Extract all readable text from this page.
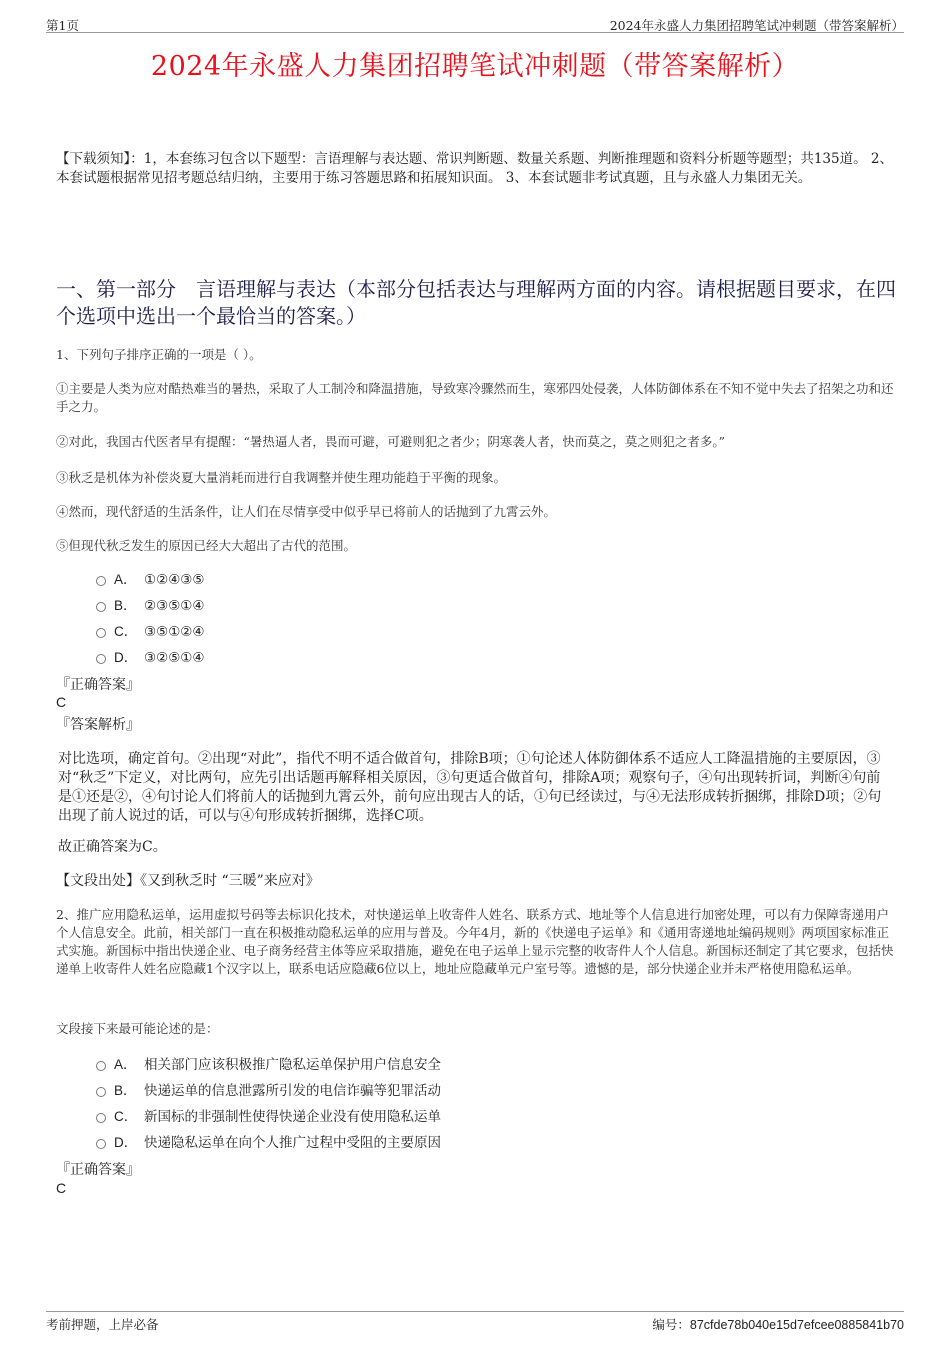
第1页	2024年永盛人力集团招聘笔试冲刺题（带答案解析）
2024年永盛人力集团招聘笔试冲刺题（带答案解析）
【下载须知】：1，本套练习包含以下题型：言语理解与表达题、常识判断题、数量关系题、判断推理题和资料分析题等题型；共135道。 2、本套试题根据常见招考题总结归纳，主要用于练习答题思路和拓展知识面。 3、本套试题非考试真题，且与永盛人力集团无关。
一、第一部分　言语理解与表达（本部分包括表达与理解两方面的内容。请根据题目要求，在四个选项中选出一个最恰当的答案。）
1、下列句子排序正确的一项是（ ）。
①主要是人类为应对酷热难当的暑热，采取了人工制冷和降温措施，导致寒冷骤然而生，寒邪四处侵袭，人体防御体系在不知不觉中失去了招架之功和还手之力。
②对此，我国古代医者早有提醒：“暑热逼人者，畏而可避，可避则犯之者少；阴寒袭人者，快而莫之，莫之则犯之者多。”
③秋乏是机体为补偿炎夏大量消耗而进行自我调整并使生理功能趋于平衡的现象。
④然而，现代舒适的生活条件，让人们在尽情享受中似乎早已将前人的话抛到了九霄云外。
⑤但现代秋乏发生的原因已经大大超出了古代的范围。
A． ①②④③⑤
B． ②③⑤①④
C． ③⑤①②④
D． ③②⑤①④
『正确答案』
C
『答案解析』
对比选项，确定首句。②出现“对此”，指代不明不适合做首句，排除B项；①句论述人体防御体系不适应人工降温措施的主要原因，③对“秋乏”下定义，对比两句，应先引出话题再解释相关原因，③句更适合做首句，排除A项；观察句子，④句出现转折词，判断④句前是①还是②，④句讨论人们将前人的话抛到九霄云外，前句应出现古人的话，①句已经读过，与④无法形成转折捆绑，排除D项；②句出现了前人说过的话，可以与④句形成转折捆绑，选择C项。
故正确答案为C。
【文段出处】《又到秋乏时 “三暖”来应对》
2、推广应用隐私运单，运用虚拟号码等去标识化技术，对快递运单上收寄件人姓名、联系方式、地址等个人信息进行加密处理，可以有力保障寄递用户个人信息安全。此前，相关部门一直在积极推动隐私运单的应用与普及。今年4月，新的《快递电子运单》和《通用寄递地址编码规则》两项国家标准正式实施。新国标中指出快递企业、电子商务经营主体等应采取措施，避免在电子运单上显示完整的收寄件人个人信息。新国标还制定了其它要求，包括快递单上收寄件人姓名应隐藏1个汉字以上，联系电话应隐藏6位以上，地址应隐藏单元户室号等。遗憾的是，部分快递企业并未严格使用隐私运单。
文段接下来最可能论述的是：
A． 相关部门应该积极推广隐私运单保护用户信息安全
B． 快递运单的信息泄露所引发的电信诈骗等犯罪活动
C． 新国标的非强制性使得快递企业没有使用隐私运单
D． 快递隐私运单在向个人推广过程中受阻的主要原因
『正确答案』
C
考前押题，上岸必备	编号：87cfde78b040e15d7efcee0885841b70
